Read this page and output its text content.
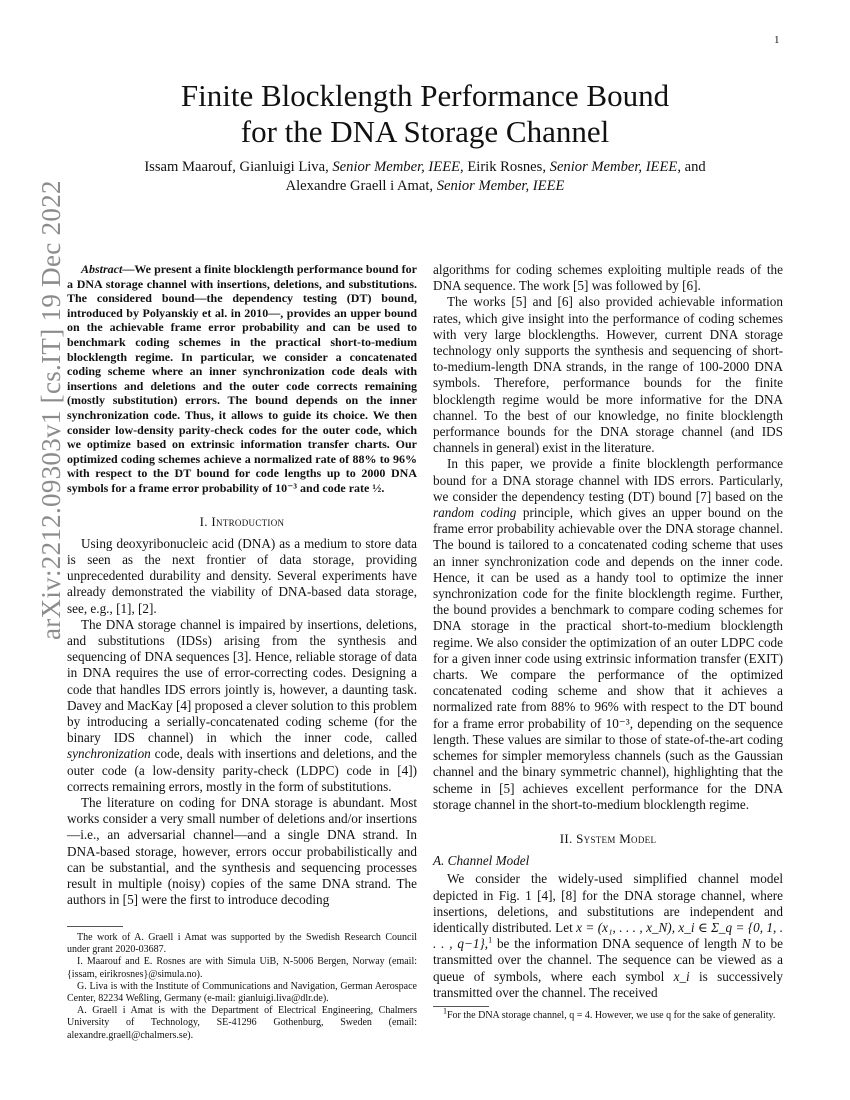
1
arXiv:2212.09303v1 [cs.IT] 19 Dec 2022
Finite Blocklength Performance Bound
for the DNA Storage Channel
Issam Maarouf, Gianluigi Liva, Senior Member, IEEE, Eirik Rosnes, Senior Member, IEEE, and
Alexandre Graell i Amat, Senior Member, IEEE

Abstract—We present a finite blocklength performance bound for a DNA storage channel with insertions, deletions, and substitutions. The considered bound—the dependency testing (DT) bound, introduced by Polyanskiy et al. in 2010—, provides an upper bound on the achievable frame error probability and can be used to benchmark coding schemes in the practical short-to-medium blocklength regime. In particular, we consider a concatenated coding scheme where an inner synchronization code deals with insertions and deletions and the outer code corrects remaining (mostly substitution) errors. The bound depends on the inner synchronization code. Thus, it allows to guide its choice. We then consider low-density parity-check codes for the outer code, which we optimize based on extrinsic information transfer charts. Our optimized coding schemes achieve a normalized rate of 88% to 96% with respect to the DT bound for code lengths up to 2000 DNA symbols for a frame error probability of 10⁻³ and code rate ½.

I. Introduction

Using deoxyribonucleic acid (DNA) as a medium to store data is seen as the next frontier of data storage, providing unprecedented durability and density. Several experiments have already demonstrated the viability of DNA-based data storage, see, e.g., [1], [2].

The DNA storage channel is impaired by insertions, deletions, and substitutions (IDSs) arising from the synthesis and sequencing of DNA sequences [3]. Hence, reliable storage of data in DNA requires the use of error-correcting codes. Designing a code that handles IDS errors jointly is, however, a daunting task. Davey and MacKay [4] proposed a clever solution to this problem by introducing a serially-concatenated coding scheme (for the binary IDS channel) in which the inner code, called synchronization code, deals with insertions and deletions, and the outer code (a low-density parity-check (LDPC) code in [4]) corrects remaining errors, mostly in the form of substitutions.

The literature on coding for DNA storage is abundant. Most works consider a very small number of deletions and/or insertions—i.e., an adversarial channel—and a single DNA strand. In DNA-based storage, however, errors occur probabilistically and can be substantial, and the synthesis and sequencing processes result in multiple (noisy) copies of the same DNA strand. The authors in [5] were the first to introduce decoding

algorithms for coding schemes exploiting multiple reads of the DNA sequence. The work [5] was followed by [6].

The works [5] and [6] also provided achievable information rates, which give insight into the performance of coding schemes with very large blocklengths. However, current DNA storage technology only supports the synthesis and sequencing of short-to-medium-length DNA strands, in the range of 100-2000 DNA symbols. Therefore, performance bounds for the finite blocklength regime would be more informative for the DNA channel. To the best of our knowledge, no finite blocklength performance bounds for the DNA storage channel (and IDS channels in general) exist in the literature.

In this paper, we provide a finite blocklength performance bound for a DNA storage channel with IDS errors. Particularly, we consider the dependency testing (DT) bound [7] based on the random coding principle, which gives an upper bound on the frame error probability achievable over the DNA storage channel. The bound is tailored to a concatenated coding scheme that uses an inner synchronization code and depends on the inner code. Hence, it can be used as a handy tool to optimize the inner synchronization code for the finite blocklength regime. Further, the bound provides a benchmark to compare coding schemes for DNA storage in the practical short-to-medium blocklength regime. We also consider the optimization of an outer LDPC code for a given inner code using extrinsic information transfer (EXIT) charts. We compare the performance of the optimized concatenated coding scheme and show that it achieves a normalized rate from 88% to 96% with respect to the DT bound for a frame error probability of 10⁻³, depending on the sequence length. These values are similar to those of state-of-the-art coding schemes for simpler memoryless channels (such as the Gaussian channel and the binary symmetric channel), highlighting that the scheme in [5] achieves excellent performance for the DNA storage channel in the short-to-medium blocklength regime.

II. System Model
A. Channel Model

We consider the widely-used simplified channel model depicted in Fig. 1 [4], [8] for the DNA storage channel, where insertions, deletions, and substitutions are independent and identically distributed. Let x = (x₁, . . . , x_N), x_i ∈ Σ_q = {0, 1, . . . , q−1},$^1$ be the information DNA sequence of length N to be transmitted over the channel. The sequence can be viewed as a queue of symbols, where each symbol x_i is successively transmitted over the channel. The received

The work of A. Graell i Amat was supported by the Swedish Research Council under grant 2020-03687.

I. Maarouf and E. Rosnes are with Simula UiB, N-5006 Bergen, Norway (email: {issam, eirikrosnes}@simula.no).

G. Liva is with the Institute of Communications and Navigation, German Aerospace Center, 82234 Weßling, Germany (e-mail: gianluigi.liva@dlr.de).

A. Graell i Amat is with the Department of Electrical Engineering, Chalmers University of Technology, SE-41296 Gothenburg, Sweden (email: alexandre.graell@chalmers.se).

$^1$For the DNA storage channel, q = 4. However, we use q for the sake of generality.
